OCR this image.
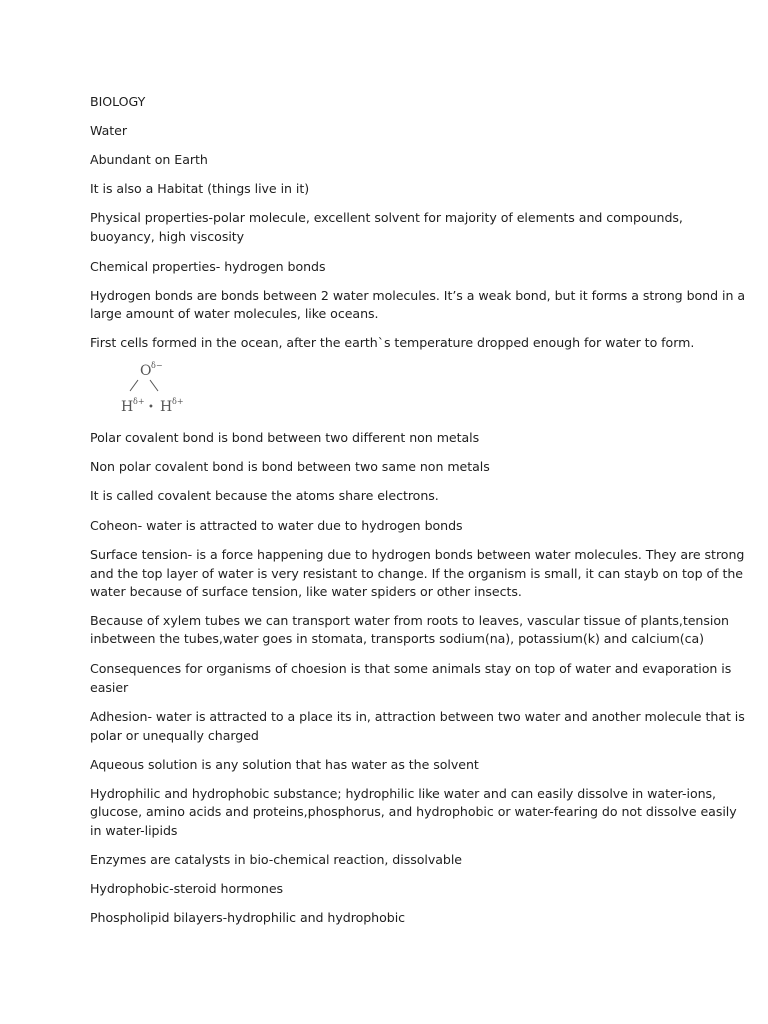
BIOLOGY
Water
Abundant on Earth
It is also a Habitat (things live in it)
Physical properties-polar molecule, excellent solvent for majority of elements and compounds,
buoyancy, high viscosity
Chemical properties- hydrogen bonds
Hydrogen bonds are bonds between 2 water molecules. It’s a weak bond, but it forms a strong bond in a
large amount of water molecules, like oceans.
First cells formed in the ocean, after the earth`s temperature dropped enough for water to form.
O δ−
H δ+
• H δ+
Polar covalent bond is bond between two different non metals
Non polar covalent bond is bond between two same non metals
It is called covalent because the atoms share electrons.
Coheon- water is attracted to water due to hydrogen bonds
Surface tension- is a force happening due to hydrogen bonds between water molecules. They are strong
and the top layer of water is very resistant to change. If the organism is small, it can stayb on top of the
water because of surface tension, like water spiders or other insects.
Because of xylem tubes we can transport water from roots to leaves, vascular tissue of plants,tension
inbetween the tubes,water goes in stomata, transports sodium(na), potassium(k) and calcium(ca)
Consequences for organisms of choesion is that some animals stay on top of water and evaporation is
easier
Adhesion- water is attracted to a place its in, attraction between two water and another molecule that is
polar or unequally charged
Aqueous solution is any solution that has water as the solvent
Hydrophilic and hydrophobic substance; hydrophilic like water and can easily dissolve in water-ions,
glucose, amino acids and proteins,phosphorus, and hydrophobic or water-fearing do not dissolve easily
in water-lipids
Enzymes are catalysts in bio-chemical reaction, dissolvable
Hydrophobic-steroid hormones
Phospholipid bilayers-hydrophilic and hydrophobic
